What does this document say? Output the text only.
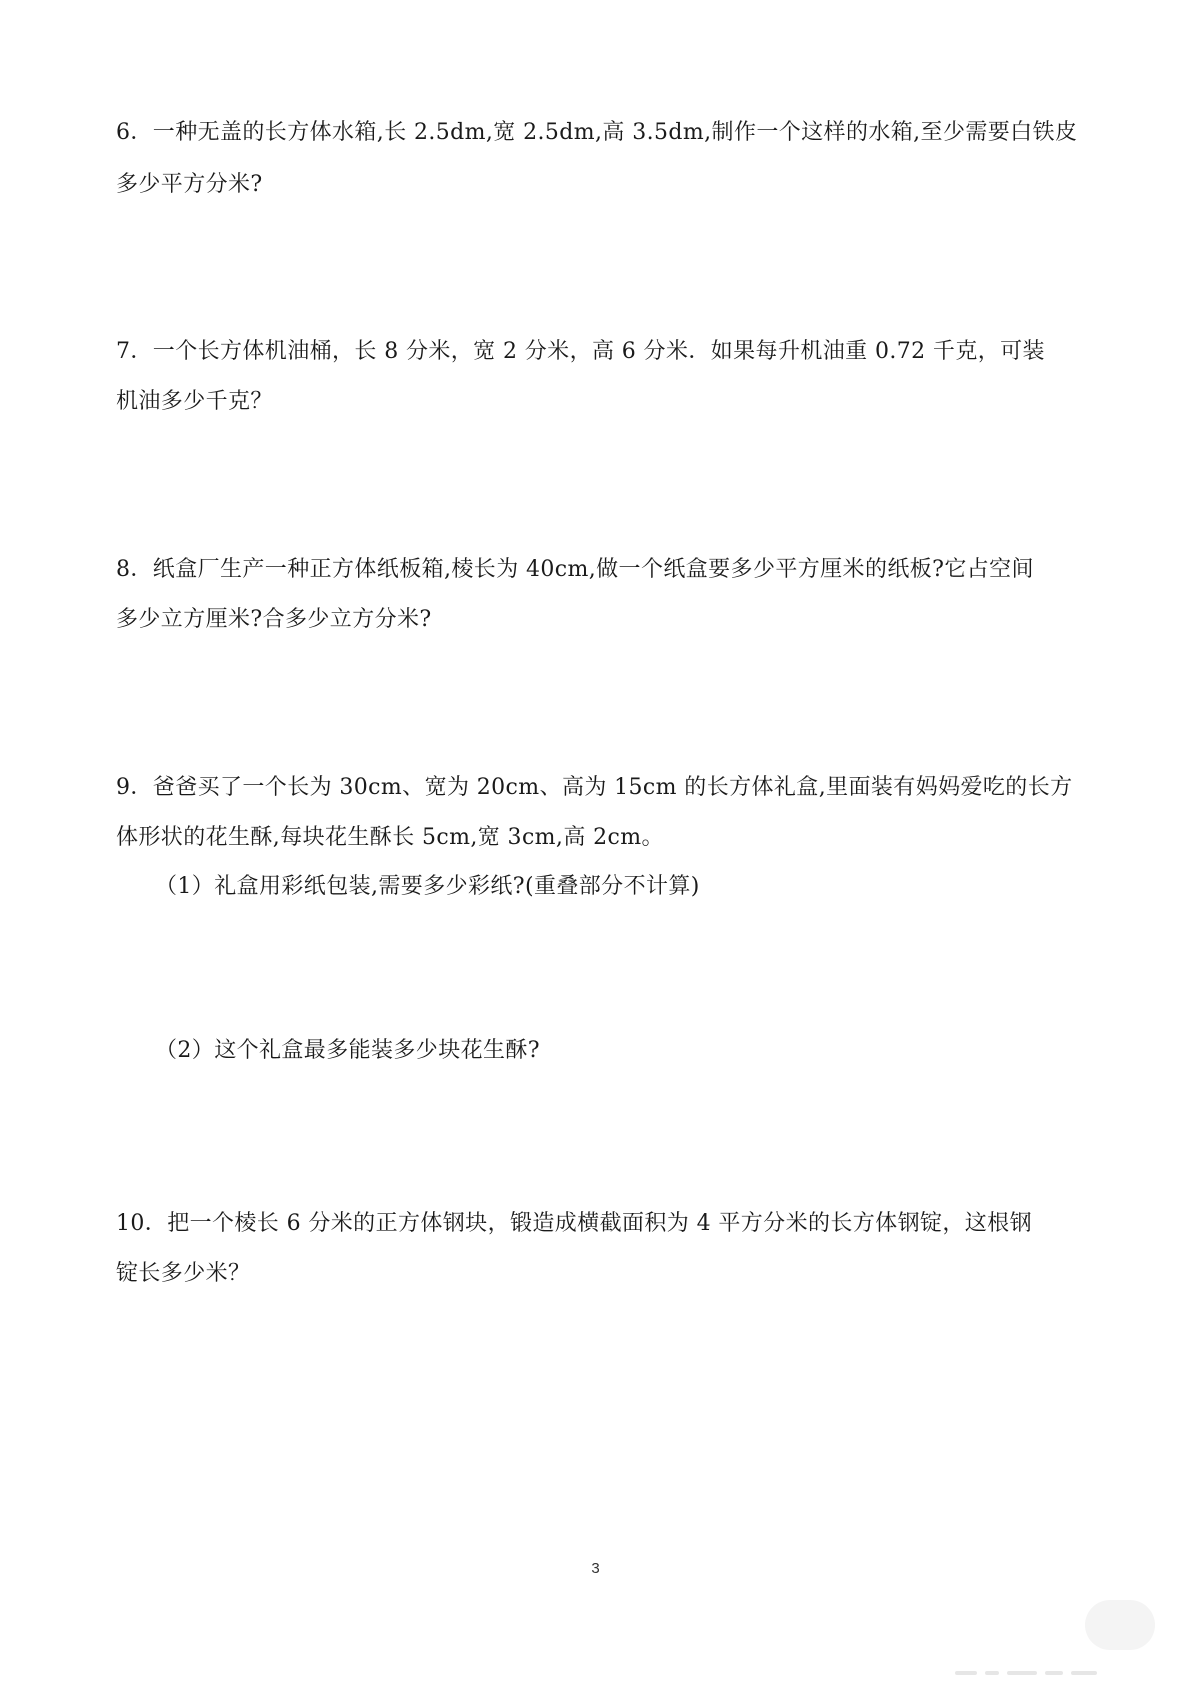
6．一种无盖的长方体水箱,长 2.5dm,宽 2.5dm,高 3.5dm,制作一个这样的水箱,至少需要白铁皮
多少平方分米?
7．一个长方体机油桶，长 8 分米，宽 2 分米，高 6 分米．如果每升机油重 0.72 千克，可装
机油多少千克？
8．纸盒厂生产一种正方体纸板箱,棱长为 40cm,做一个纸盒要多少平方厘米的纸板?它占空间
多少立方厘米?合多少立方分米?
9．爸爸买了一个长为 30cm、宽为 20cm、高为 15cm 的长方体礼盒,里面装有妈妈爱吃的长方
体形状的花生酥,每块花生酥长 5cm,宽 3cm,高 2cm。
（1）礼盒用彩纸包装,需要多少彩纸?(重叠部分不计算)
（2）这个礼盒最多能装多少块花生酥?
10．把一个棱长 6 分米的正方体钢块，锻造成横截面积为 4 平方分米的长方体钢锭，这根钢
锭长多少米？
3
